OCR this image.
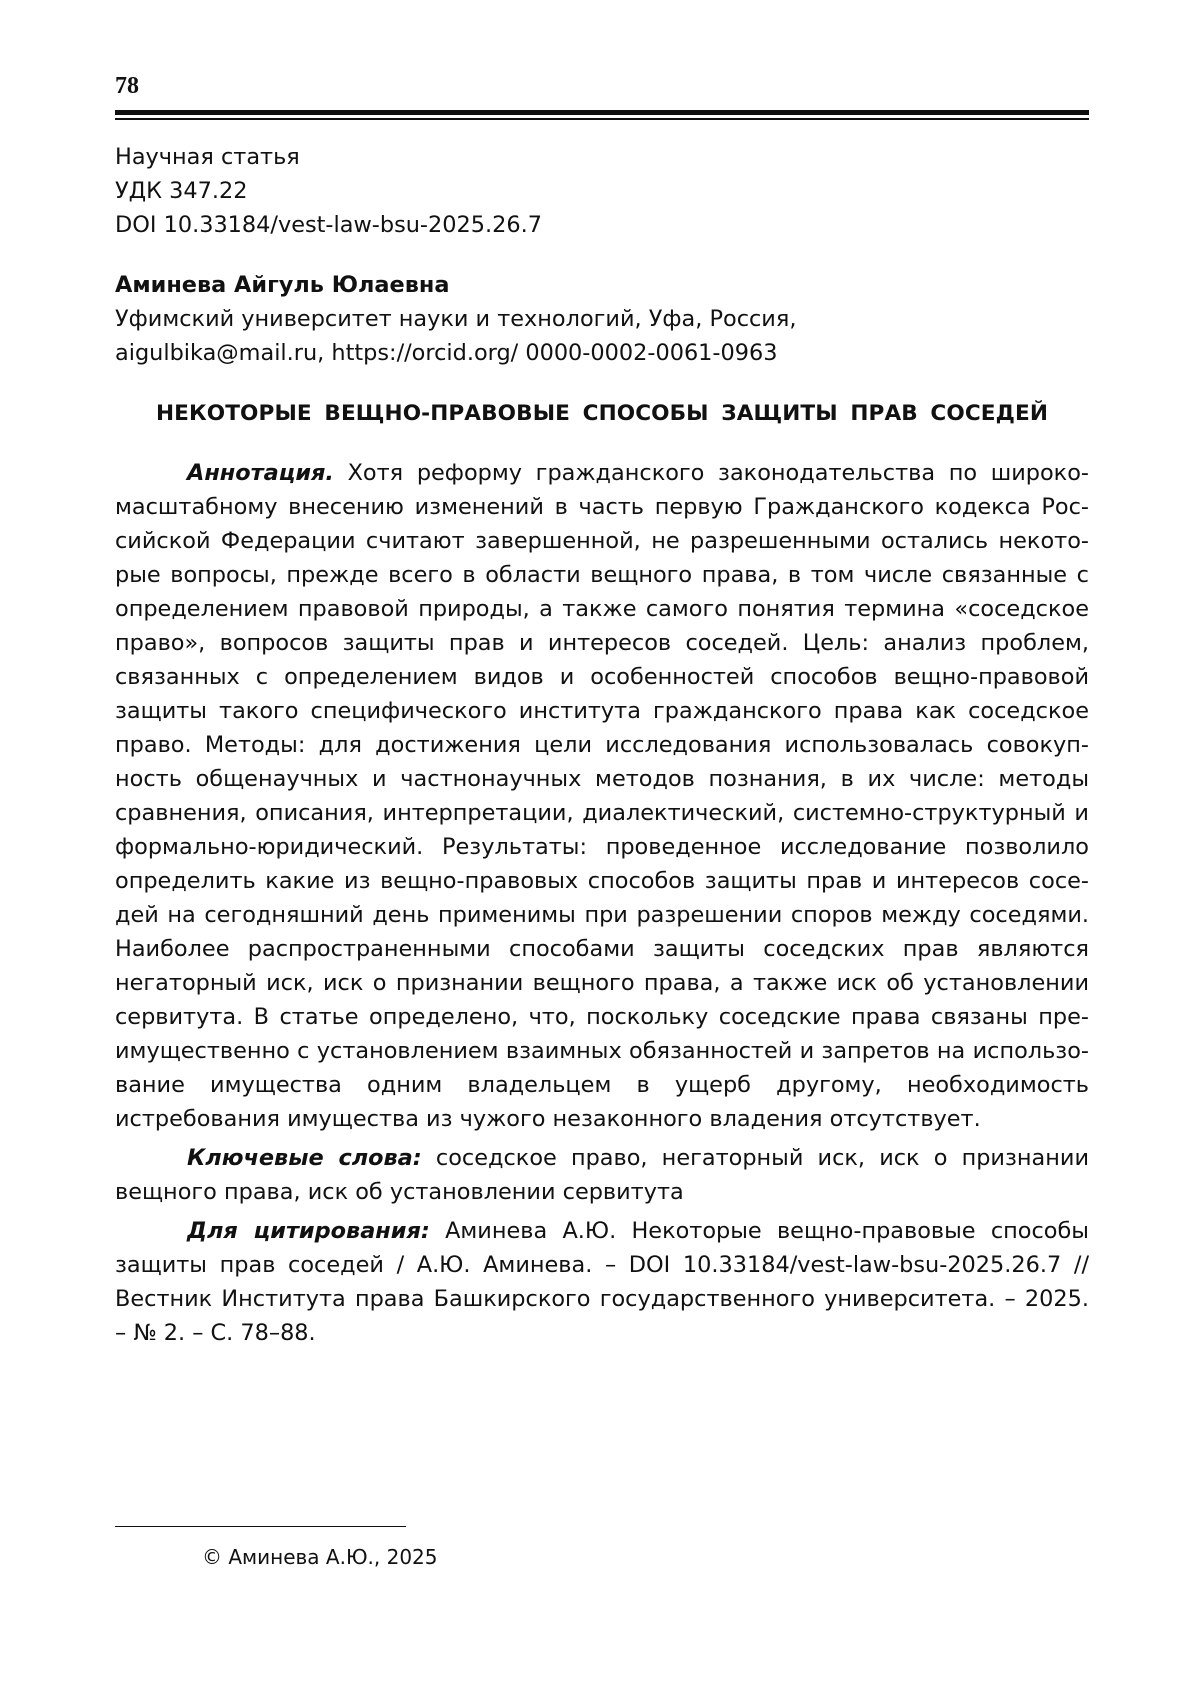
78
Научная статья
УДК 347.22
DOI 10.33184/vest-law-bsu-2025.26.7
Аминева Айгуль Юлаевна
Уфимский университет науки и технологий, Уфа, Россия,
aigulbika@mail.ru, https://orcid.org/ 0000-0002-0061-0963
НЕКОТОРЫЕ ВЕЩНО-ПРАВОВЫЕ СПОСОБЫ ЗАЩИТЫ ПРАВ СОСЕДЕЙ

Аннотация. Хотя реформу гражданского законодательства по широкомасштабному внесению изменений в часть первую Гражданского кодекса Российской Федерации считают завершенной, не разрешенными остались некоторые вопросы, прежде всего в области вещного права, в том числе связанные с определением правовой природы, а также самого понятия термина «соседское право», вопросов защиты прав и интересов соседей. Цель: анализ проблем, связанных с определением видов и особенностей способов вещно-правовой защиты такого специфического института гражданского права как соседское право. Методы: для достижения цели исследования использовалась совокупность общенаучных и частнонаучных методов познания, в их числе: методы сравнения, описания, интерпретации, диалектический, системно-структурный и формально-юридический. Результаты: проведенное исследование позволило определить какие из вещно-правовых способов защиты прав и интересов соседей на сегодняшний день применимы при разрешении споров между соседями. Наиболее распространенными способами защиты соседских прав являются негаторный иск, иск о признании вещного права, а также иск об установлении сервитута. В статье определено, что, поскольку соседские права связаны преимущественно с установлением взаимных обязанностей и запретов на использование имущества одним владельцем в ущерб другому, необходимость истребования имущества из чужого незаконного владения отсутствует.

Ключевые слова: соседское право, негаторный иск, иск о признании вещного права, иск об установлении сервитута

Для цитирования: Аминева А.Ю. Некоторые вещно-правовые способы защиты прав соседей / А.Ю. Аминева. – DOI 10.33184/vest-law-bsu-2025.26.7 // Вестник Института права Башкирского государственного университета. – 2025. – № 2. – С. 78–88.

© Аминева А.Ю., 2025
